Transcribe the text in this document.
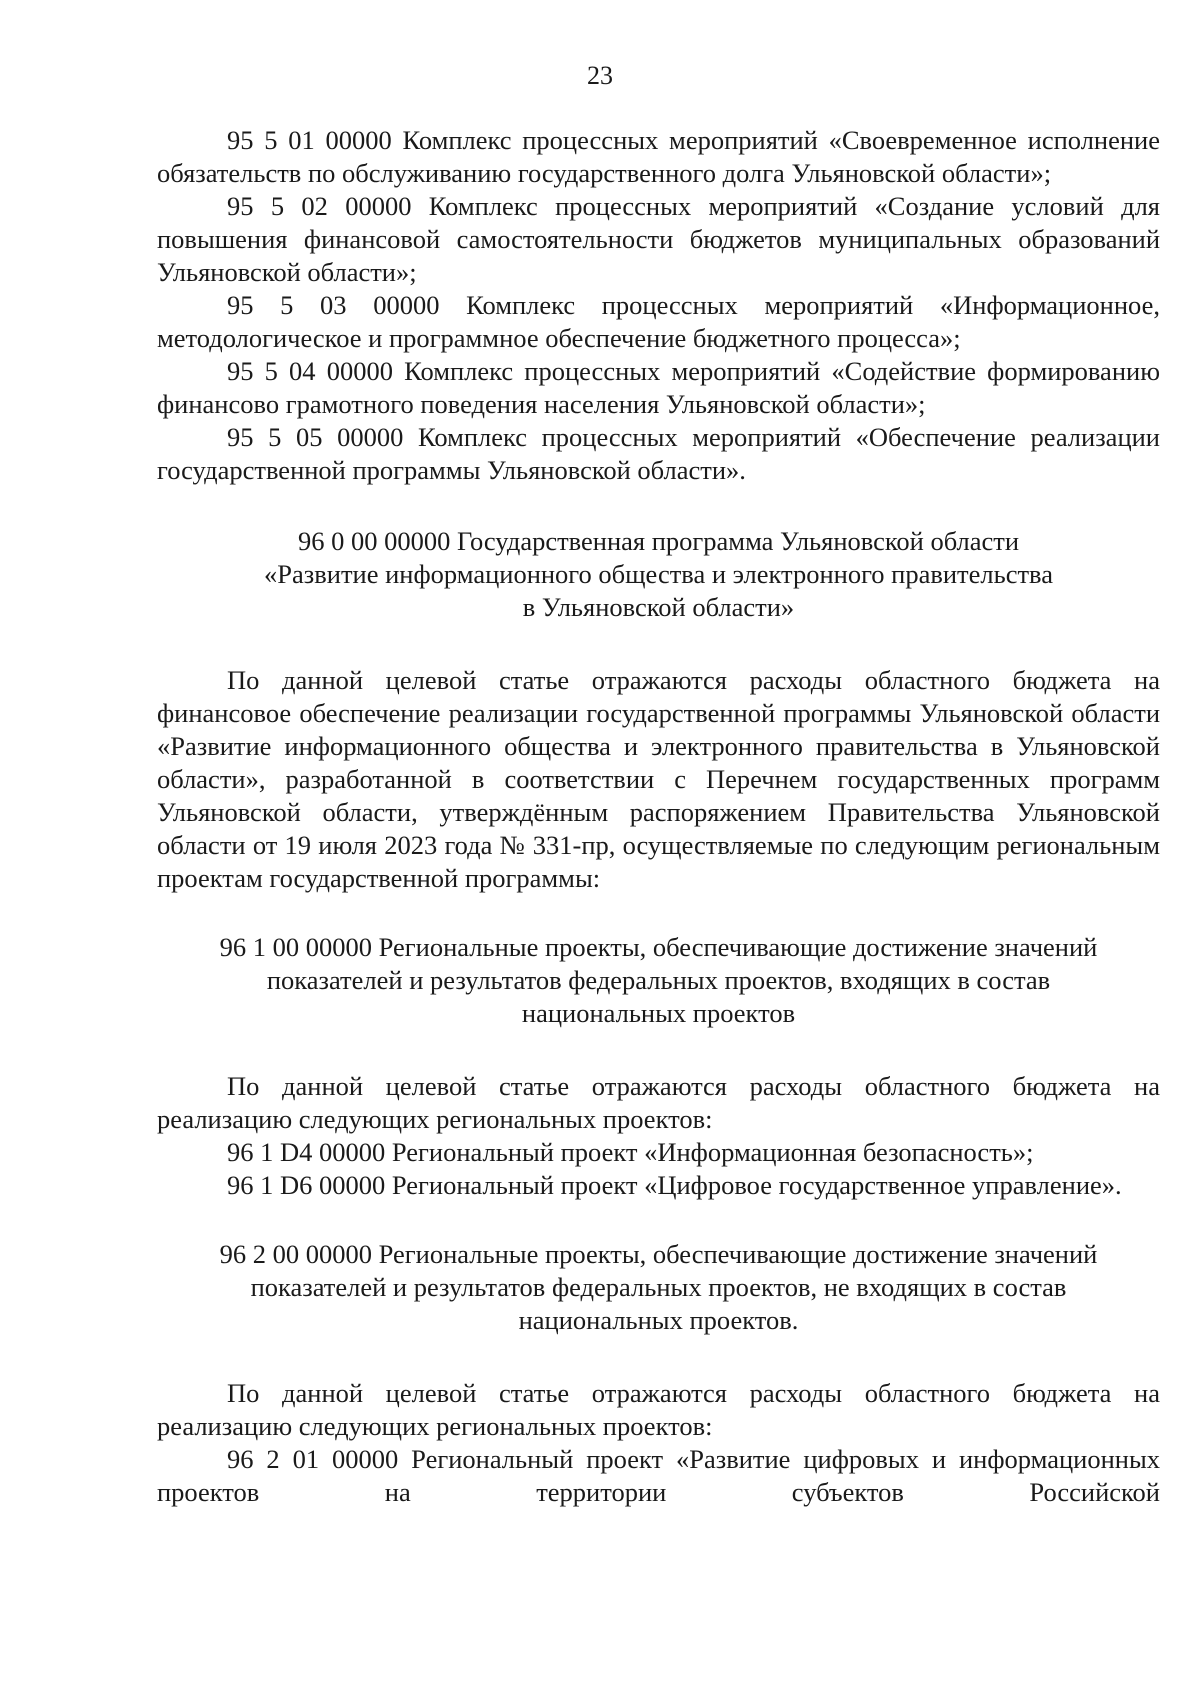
23

95 5 01 00000 Комплекс процессных мероприятий «Своевременное исполнение обязательств по обслуживанию государственного долга Ульяновской области»;

95 5 02 00000 Комплекс процессных мероприятий «Создание условий для повышения финансовой самостоятельности бюджетов муниципальных образований Ульяновской области»;

95 5 03 00000 Комплекс процессных мероприятий «Информационное, методологическое и программное обеспечение бюджетного процесса»;

95 5 04 00000 Комплекс процессных мероприятий «Содействие формированию финансово грамотного поведения населения Ульяновской области»;

95 5 05 00000 Комплекс процессных мероприятий «Обеспечение реализации государственной программы Ульяновской области».

96 0 00 00000 Государственная программа Ульяновской области
«Развитие информационного общества и электронного правительства
в Ульяновской области»

По данной целевой статье отражаются расходы областного бюджета на финансовое обеспечение реализации государственной программы Ульяновской области «Развитие информационного общества и электронного правительства в Ульяновской области», разработанной в соответствии с Перечнем государственных программ Ульяновской области, утверждённым распоряжением Правительства Ульяновской области от 19 июля 2023 года № 331-пр, осуществляемые по следующим региональным проектам государственной программы:

96 1 00 00000 Региональные проекты, обеспечивающие достижение значений
показателей и результатов федеральных проектов, входящих в состав
национальных проектов

По данной целевой статье отражаются расходы областного бюджета на реализацию следующих региональных проектов:

96 1 D4 00000 Региональный проект «Информационная безопасность»;

96 1 D6 00000 Региональный проект «Цифровое государственное управление».

96 2 00 00000 Региональные проекты, обеспечивающие достижение значений
показателей и результатов федеральных проектов, не входящих в состав
национальных проектов.

По данной целевой статье отражаются расходы областного бюджета на реализацию следующих региональных проектов:

96 2 01 00000 Региональный проект «Развитие цифровых и информационных проектов на территории субъектов Российской
